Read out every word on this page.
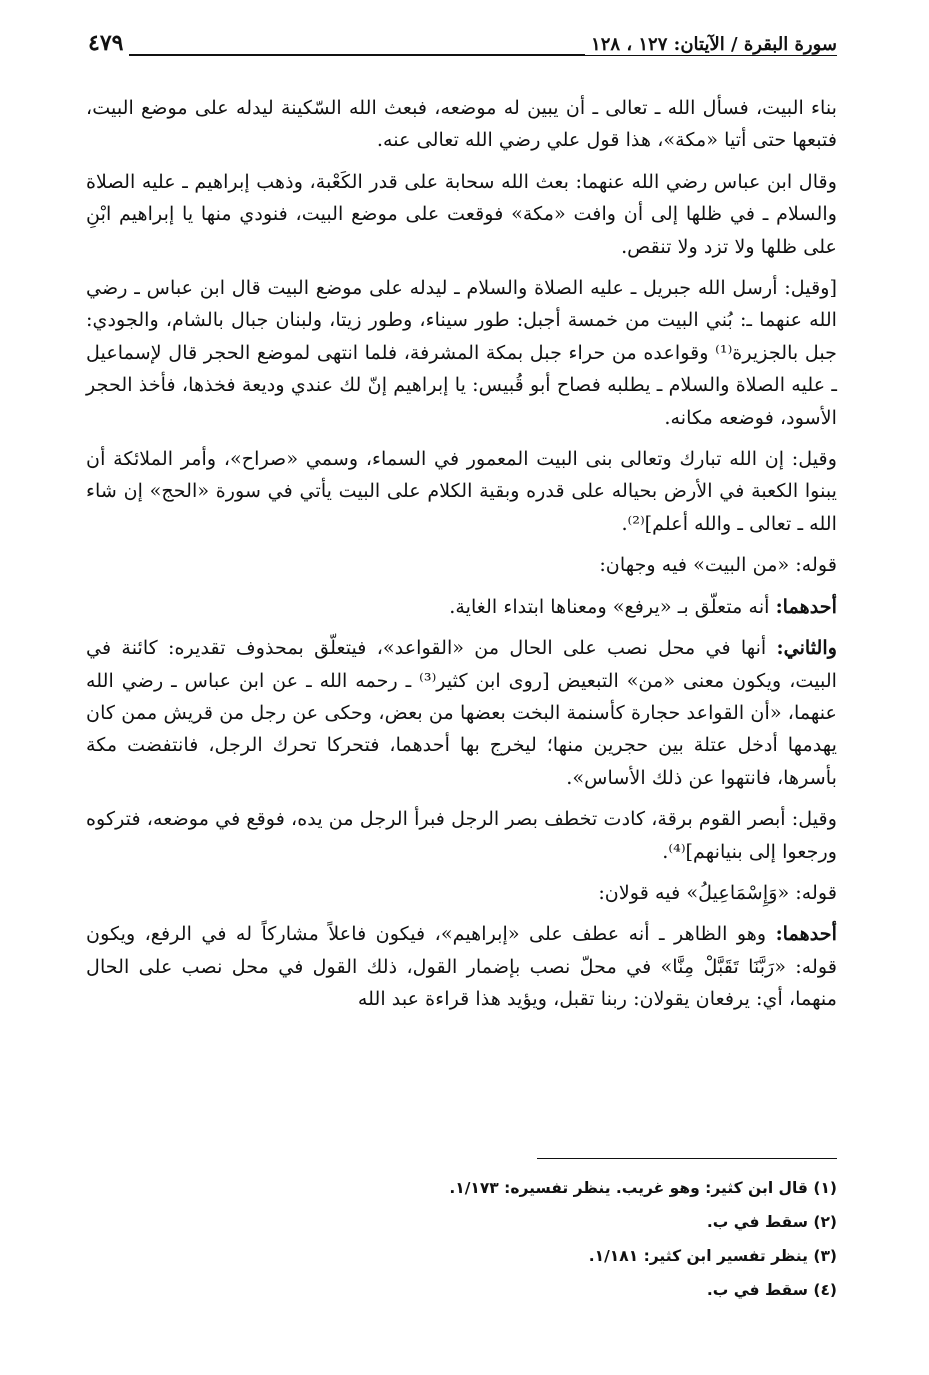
سورة البقرة / الآيتان: ١٢٧ ، ١٢٨
٤٧٩

بناء البيت، فسأل الله ـ تعالى ـ أن يبين له موضعه، فبعث الله السّكينة ليدله على موضع البيت، فتبعها حتى أتيا «مكة»، هذا قول علي رضي الله تعالى عنه.

وقال ابن عباس رضي الله عنهما: بعث الله سحابة على قدر الكَعْبة، وذهب إبراهيم ـ عليه الصلاة والسلام ـ في ظلها إلى أن وافت «مكة» فوقعت على موضع البيت، فنودي منها يا إبراهيم ابْنِ على ظلها ولا تزد ولا تنقص.

[وقيل: أرسل الله جبريل ـ عليه الصلاة والسلام ـ ليدله على موضع البيت قال ابن عباس ـ رضي الله عنهما ـ: بُني البيت من خمسة أجبل: طور سيناء، وطور زيتا، ولبنان جبال بالشام، والجودي: جبل بالجزيرة⁽¹⁾ وقواعده من حراء جبل بمكة المشرفة، فلما انتهى لموضع الحجر قال لإسماعيل ـ عليه الصلاة والسلام ـ يطلبه فصاح أبو قُبيس: يا إبراهيم إنّ لك عندي وديعة فخذها، فأخذ الحجر الأسود، فوضعه مكانه.

وقيل: إن الله تبارك وتعالى بنى البيت المعمور في السماء، وسمي «صراح»، وأمر الملائكة أن يبنوا الكعبة في الأرض بحياله على قدره وبقية الكلام على البيت يأتي في سورة «الحج» إن شاء الله ـ تعالى ـ والله أعلم]⁽²⁾.

قوله: «من البيت» فيه وجهان:

أحدهما: أنه متعلّق بـ «يرفع» ومعناها ابتداء الغاية.

والثاني: أنها في محل نصب على الحال من «القواعد»، فيتعلّق بمحذوف تقديره: كائنة في البيت، ويكون معنى «من» التبعيض [روى ابن كثير⁽³⁾ ـ رحمه الله ـ عن ابن عباس ـ رضي الله عنهما، «أن القواعد حجارة كأسنمة البخت بعضها من بعض، وحكى عن رجل من قريش ممن كان يهدمها أدخل عتلة بين حجرين منها؛ ليخرج بها أحدهما، فتحركا تحرك الرجل، فانتفضت مكة بأسرها، فانتهوا عن ذلك الأساس».

وقيل: أبصر القوم برقة، كادت تخطف بصر الرجل فبرأ الرجل من يده، فوقع في موضعه، فتركوه ورجعوا إلى بنيانهم]⁽⁴⁾.

قوله: «وَإِسْمَاعِيلُ» فيه قولان:

أحدهما: وهو الظاهر ـ أنه عطف على «إبراهيم»، فيكون فاعلاً مشاركاً له في الرفع، ويكون قوله: «رَبَّنَا تَقَبَّلْ مِنَّا» في محلّ نصب بإضمار القول، ذلك القول في محل نصب على الحال منهما، أي: يرفعان يقولان: ربنا تقبل، ويؤيد هذا قراءة عبد الله

(١) قال ابن كثير: وهو غريب. ينظر تفسيره: ١/١٧٣.
(٢) سقط في ب.
(٣) ينظر تفسير ابن كثير: ١/١٨١.
(٤) سقط في ب.
